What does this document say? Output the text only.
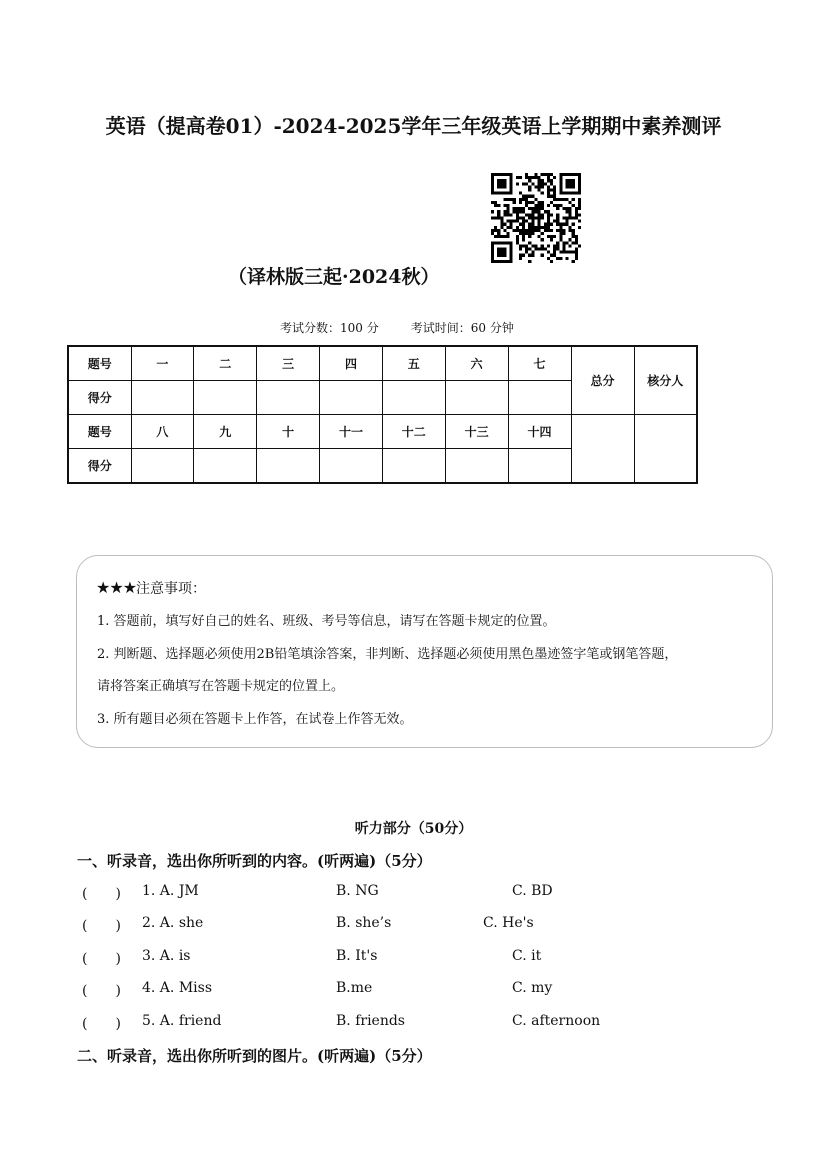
英语（提高卷01）-2024-2025学年三年级英语上学期期中素养测评
（译林版三起·2024秋）
考试分数：100 分	考试时间：60 分钟
题号	一	二	三	四	五	六	七	总分	核分人
得分									
题号	八	九	十	十一	十二	十三	十四		
得分									
★★★注意事项：
1. 答题前，填写好自己的姓名、班级、考号等信息，请写在答题卡规定的位置。
2. 判断题、选择题必须使用2B铅笔填涂答案，非判断、选择题必须使用黑色墨迹签字笔或钢笔答题，
请将答案正确填写在答题卡规定的位置上。
3. 所有题目必须在答题卡上作答，在试卷上作答无效。
听力部分（50分）
一、听录音，选出你所听到的内容。(听两遍)（5分）
(　　) 1. A. JM	B. NG	C. BD
(　　) 2. A. she	B. she’s	C. He's
(　　) 3. A. is	B. It's	C. it
(　　) 4. A. Miss	B.me	C. my
(　　) 5. A. friend	B. friends	C. afternoon
二、听录音，选出你所听到的图片。(听两遍)（5分）
